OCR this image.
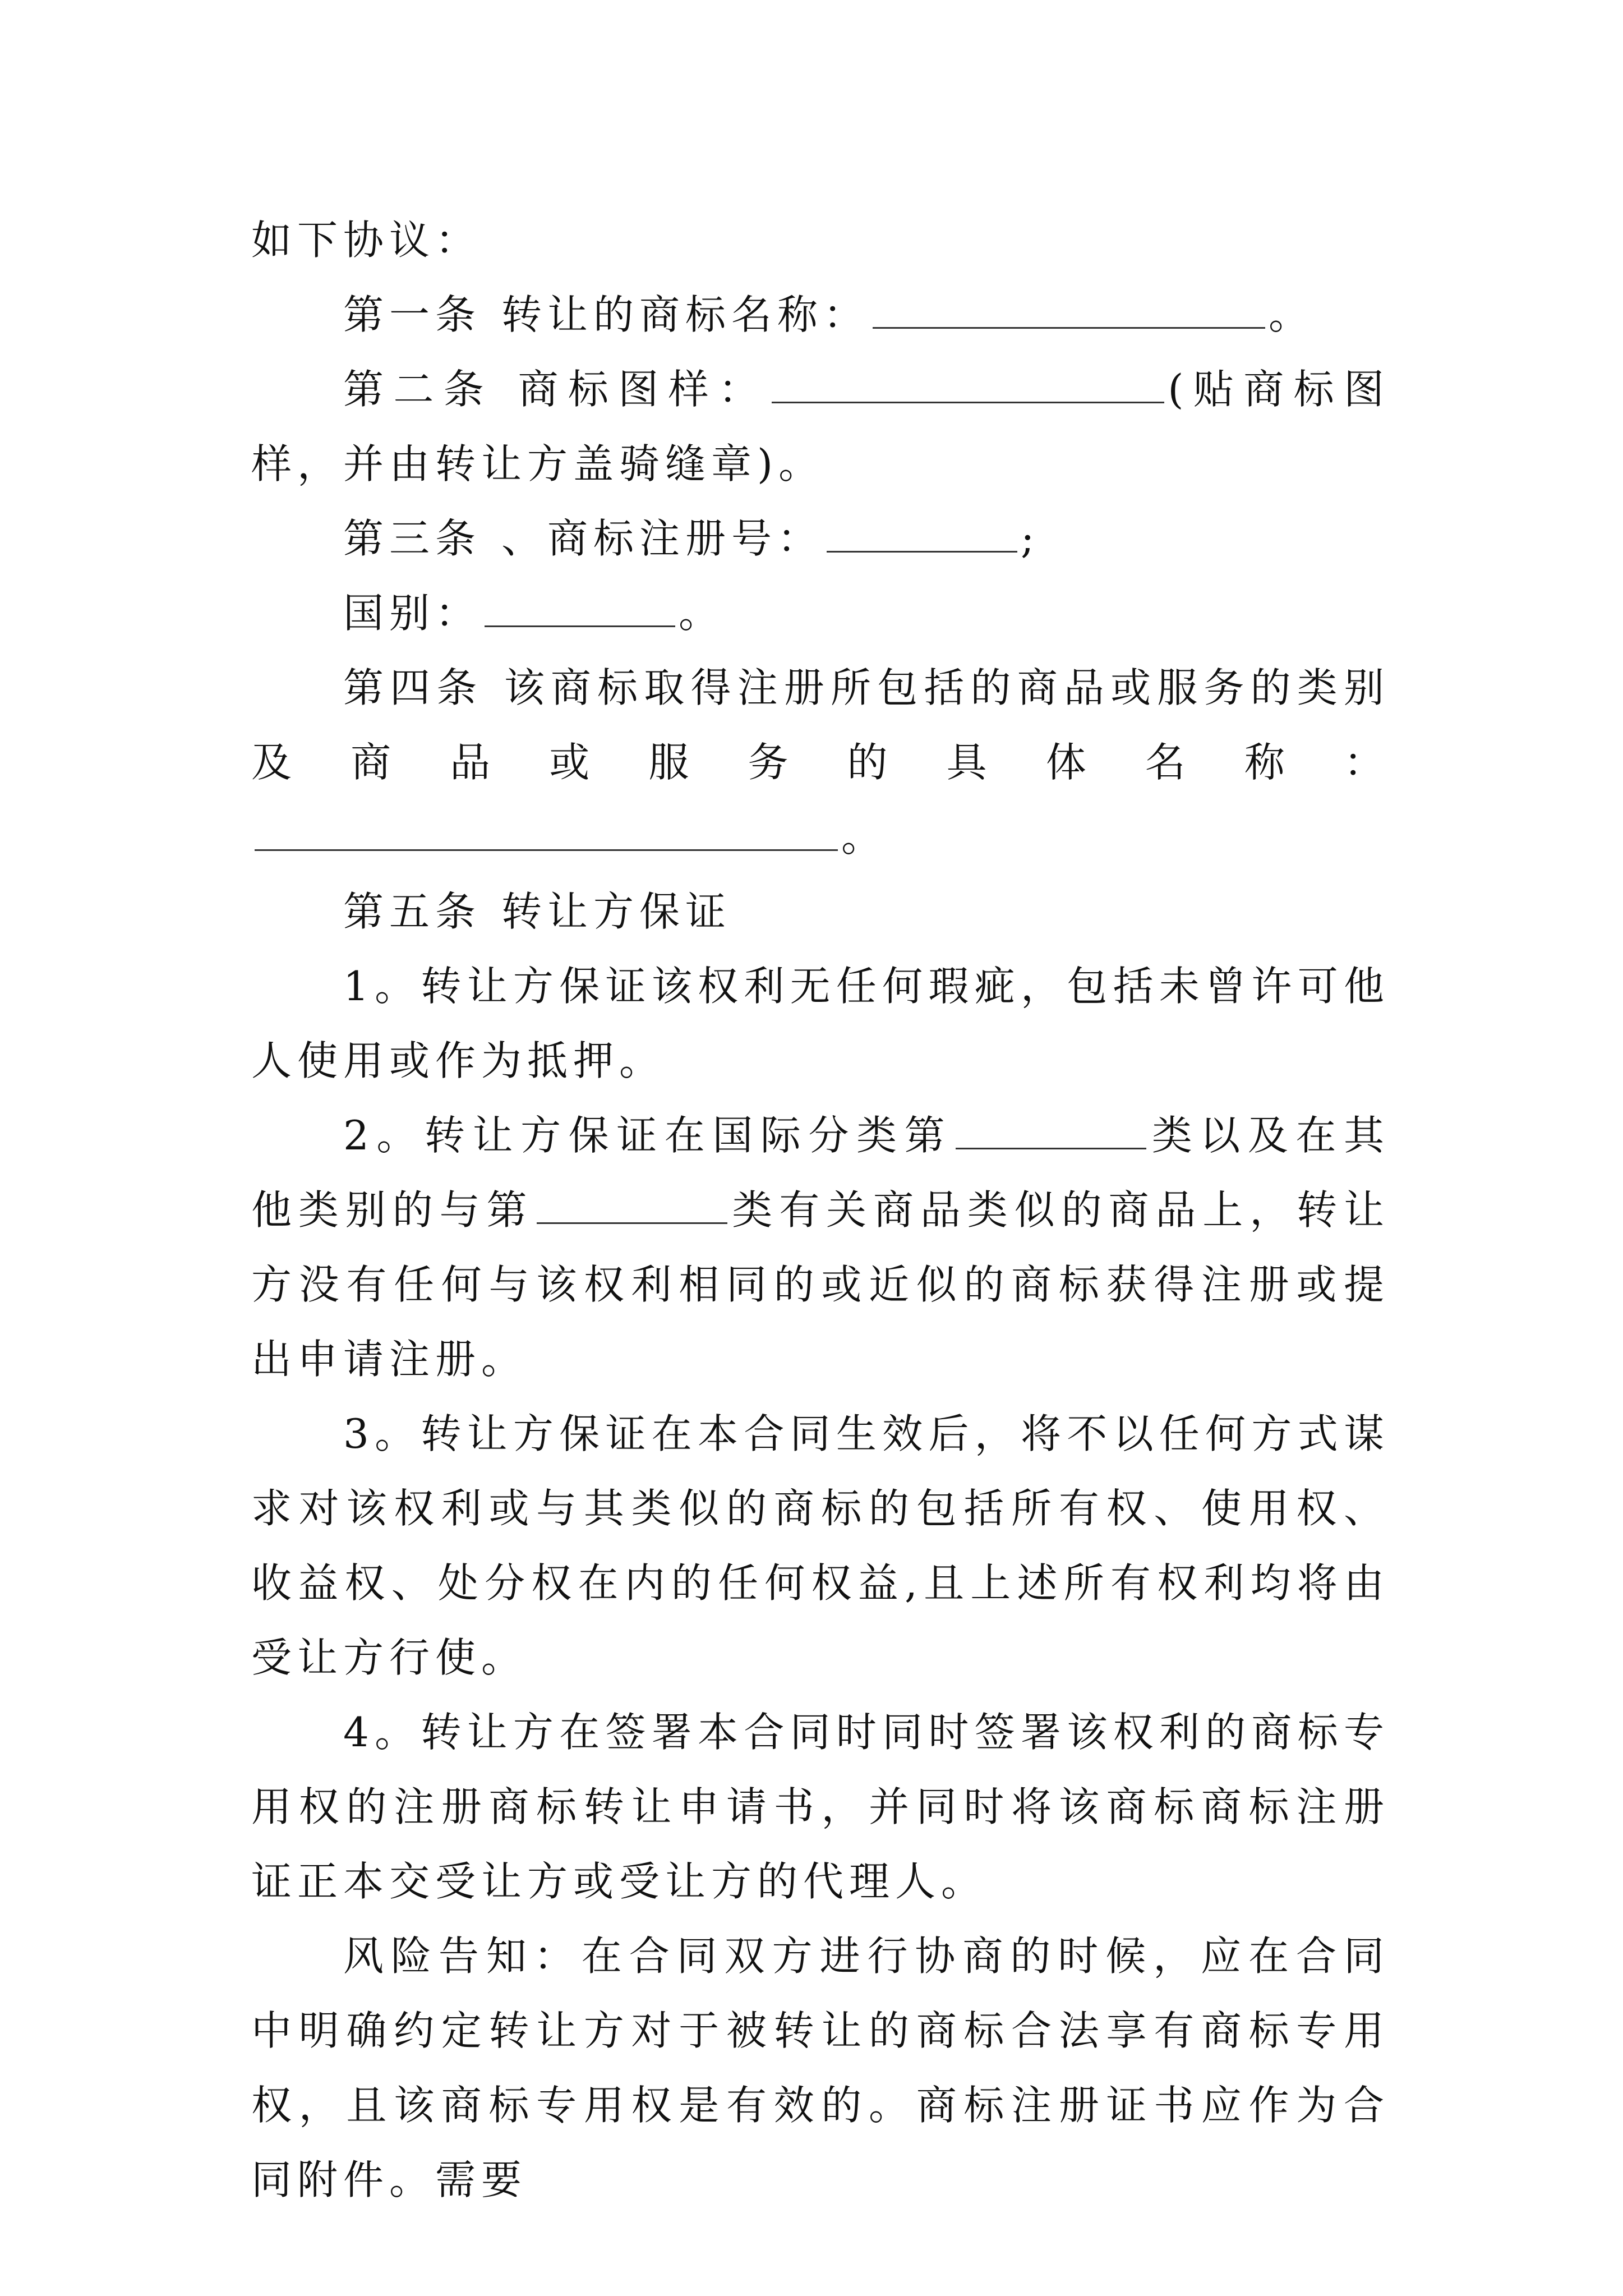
如下协议：

第一条 转让的商标名称：	。

第二条 商标图样：	(贴商标图样，并由转让方盖骑缝章)。

第三条 、商标注册号：	;

国别：	。

第四条 该商标取得注册所包括的商品或服务的类别及商品或服务的具体名称：。

第五条 转让方保证

1。转让方保证该权利无任何瑕疵，包括未曾许可他人使用或作为抵押。

2。转让方保证在国际分类第	类以及在其他类别的与第	类有关商品类似的商品上，转让方没有任何与该权利相同的或近似的商标获得注册或提出申请注册。

3。转让方保证在本合同生效后，将不以任何方式谋求对该权利或与其类似的商标的包括所有权、使用权、收益权、处分权在内的任何权益,且上述所有权利均将由受让方行使。

4。转让方在签署本合同时同时签署该权利的商标专用权的注册商标转让申请书，并同时将该商标商标注册证正本交受让方或受让方的代理人。

风险告知：在合同双方进行协商的时候，应在合同中明确约定转让方对于被转让的商标合法享有商标专用权，且该商标专用权是有效的。商标注册证书应作为合同附件。需要
